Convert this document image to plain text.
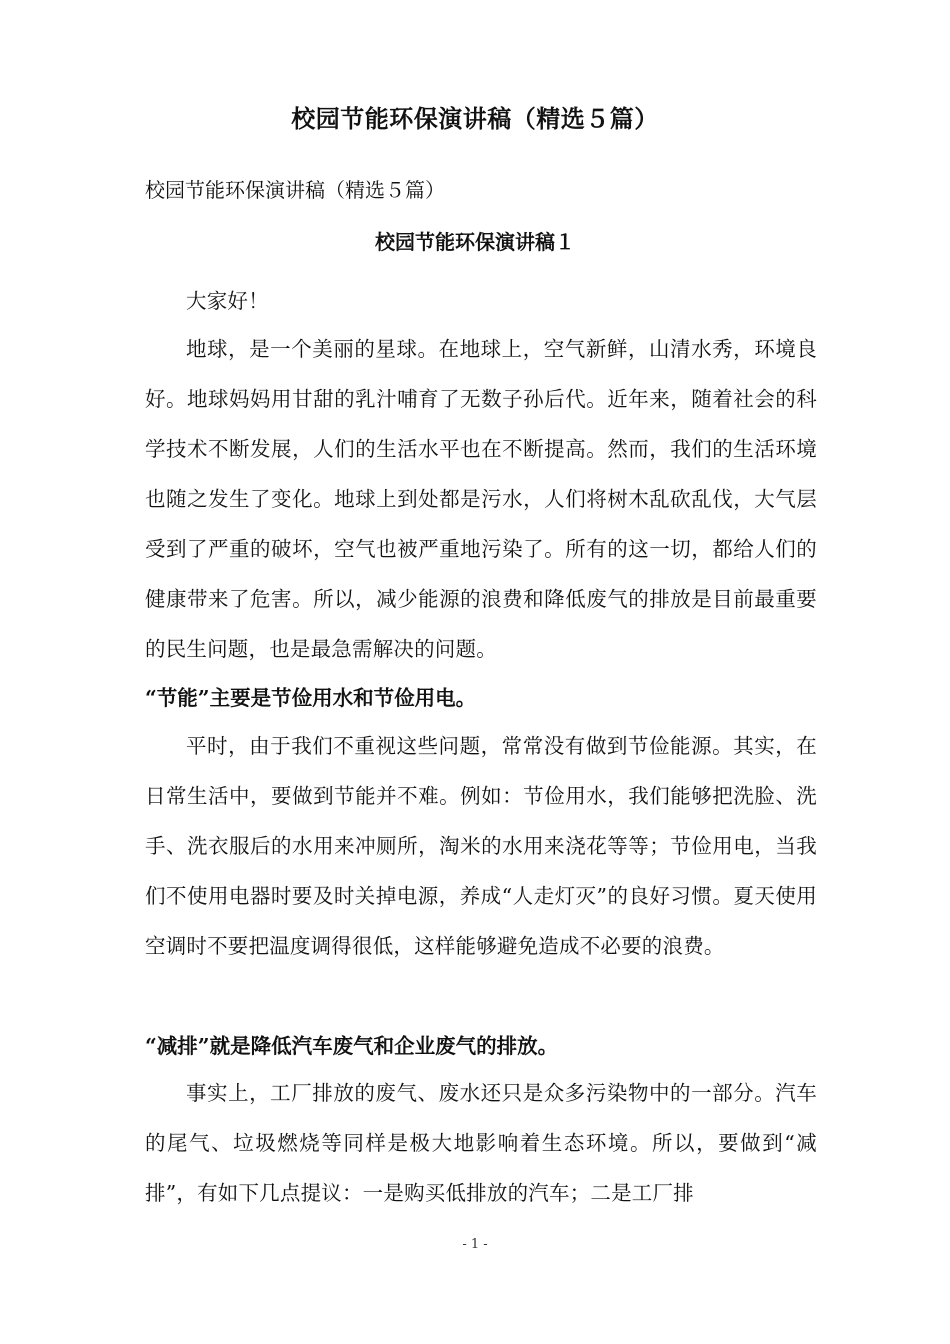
校园节能环保演讲稿（精选５篇）
校园节能环保演讲稿（精选５篇）
校园节能环保演讲稿１
大家好！
地球，是一个美丽的星球。在地球上，空气新鲜，山清水秀，环境良好。地球妈妈用甘甜的乳汁哺育了无数子孙后代。近年来，随着社会的科学技术不断发展，人们的生活水平也在不断提高。然而，我们的生活环境也随之发生了变化。地球上到处都是污水，人们将树木乱砍乱伐，大气层受到了严重的破坏，空气也被严重地污染了。所有的这一切，都给人们的健康带来了危害。所以，减少能源的浪费和降低废气的排放是目前最重要的民生问题，也是最急需解决的问题。
“节能”主要是节俭用水和节俭用电。
平时，由于我们不重视这些问题，常常没有做到节俭能源。其实，在日常生活中，要做到节能并不难。例如：节俭用水，我们能够把洗脸、洗手、洗衣服后的水用来冲厕所，淘米的水用来浇花等等；节俭用电，当我们不使用电器时要及时关掉电源，养成“人走灯灭”的良好习惯。夏天使用空调时不要把温度调得很低，这样能够避免造成不必要的浪费。
“减排”就是降低汽车废气和企业废气的排放。
事实上，工厂排放的废气、废水还只是众多污染物中的一部分。汽车的尾气、垃圾燃烧等同样是极大地影响着生态环境。所以，要做到“减排”，有如下几点提议：一是购买低排放的汽车；二是工厂排
- 1 -
